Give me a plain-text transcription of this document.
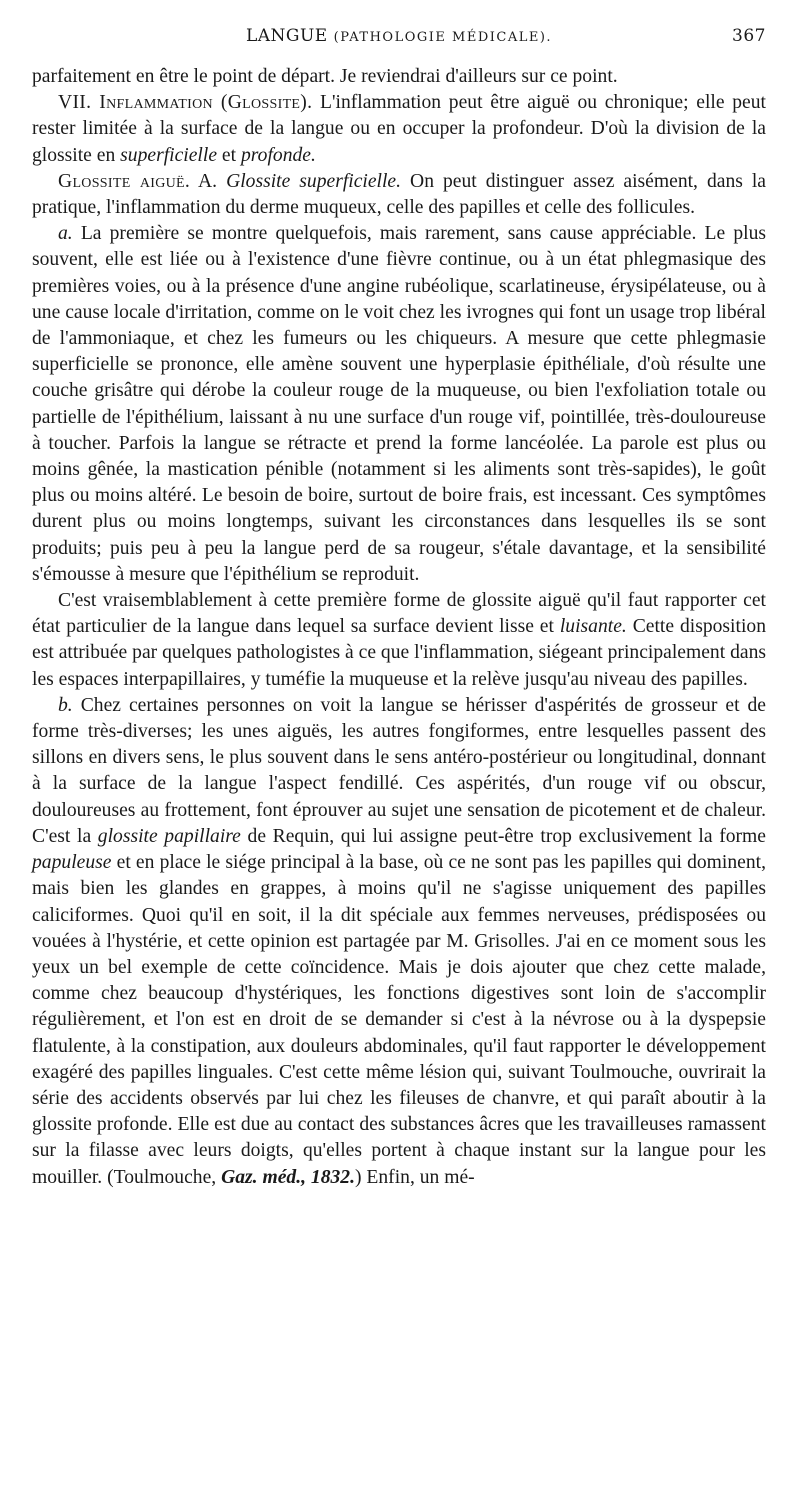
LANGUE (PATHOLOGIE MÉDICALE).	367

parfaitement en être le point de départ. Je reviendrai d'ailleurs sur ce point.

VII. Inflammation (Glossite). L'inflammation peut être aiguë ou chronique; elle peut rester limitée à la surface de la langue ou en occuper la profondeur. D'où la division de la glossite en superficielle et profonde.

Glossite aiguë. A. Glossite superficielle. On peut distinguer assez aisément, dans la pratique, l'inflammation du derme muqueux, celle des papilles et celle des follicules.

a. La première se montre quelquefois, mais rarement, sans cause appréciable. Le plus souvent, elle est liée ou à l'existence d'une fièvre continue, ou à un état phlegmasique des premières voies, ou à la présence d'une angine rubéolique, scarlatineuse, érysipélateuse, ou à une cause locale d'irritation, comme on le voit chez les ivrognes qui font un usage trop libéral de l'ammoniaque, et chez les fumeurs ou les chiqueurs. A mesure que cette phlegmasie superficielle se prononce, elle amène souvent une hyperplasie épithéliale, d'où résulte une couche grisâtre qui dérobe la couleur rouge de la muqueuse, ou bien l'exfoliation totale ou partielle de l'épithélium, laissant à nu une surface d'un rouge vif, pointillée, très-douloureuse à toucher. Parfois la langue se rétracte et prend la forme lancéolée. La parole est plus ou moins gênée, la mastication pénible (notamment si les aliments sont très-sapides), le goût plus ou moins altéré. Le besoin de boire, surtout de boire frais, est incessant. Ces symptômes durent plus ou moins longtemps, suivant les circonstances dans lesquelles ils se sont produits; puis peu à peu la langue perd de sa rougeur, s'étale davantage, et la sensibilité s'émousse à mesure que l'épithélium se reproduit.

C'est vraisemblablement à cette première forme de glossite aiguë qu'il faut rapporter cet état particulier de la langue dans lequel sa surface devient lisse et luisante. Cette disposition est attribuée par quelques pathologistes à ce que l'inflammation, siégeant principalement dans les espaces interpapillaires, y tuméfie la muqueuse et la relève jusqu'au niveau des papilles.

b. Chez certaines personnes on voit la langue se hérisser d'aspérités de grosseur et de forme très-diverses; les unes aiguës, les autres fongiformes, entre lesquelles passent des sillons en divers sens, le plus souvent dans le sens antéro-postérieur ou longitudinal, donnant à la surface de la langue l'aspect fendillé. Ces aspérités, d'un rouge vif ou obscur, douloureuses au frottement, font éprouver au sujet une sensation de picotement et de chaleur. C'est la glossite papillaire de Requin, qui lui assigne peut-être trop exclusivement la forme papuleuse et en place le siége principal à la base, où ce ne sont pas les papilles qui dominent, mais bien les glandes en grappes, à moins qu'il ne s'agisse uniquement des papilles caliciformes. Quoi qu'il en soit, il la dit spéciale aux femmes nerveuses, prédisposées ou vouées à l'hystérie, et cette opinion est partagée par M. Grisolles. J'ai en ce moment sous les yeux un bel exemple de cette coïncidence. Mais je dois ajouter que chez cette malade, comme chez beaucoup d'hystériques, les fonctions digestives sont loin de s'accomplir régulièrement, et l'on est en droit de se demander si c'est à la névrose ou à la dyspepsie flatulente, à la constipation, aux douleurs abdominales, qu'il faut rapporter le développement exagéré des papilles linguales. C'est cette même lésion qui, suivant Toulmouche, ouvrirait la série des accidents observés par lui chez les fileuses de chanvre, et qui paraît aboutir à la glossite profonde. Elle est due au contact des substances âcres que les travailleuses ramassent sur la filasse avec leurs doigts, qu'elles portent à chaque instant sur la langue pour les mouiller. (Toulmouche, Gaz. méd., 1832.) Enfin, un mé-
